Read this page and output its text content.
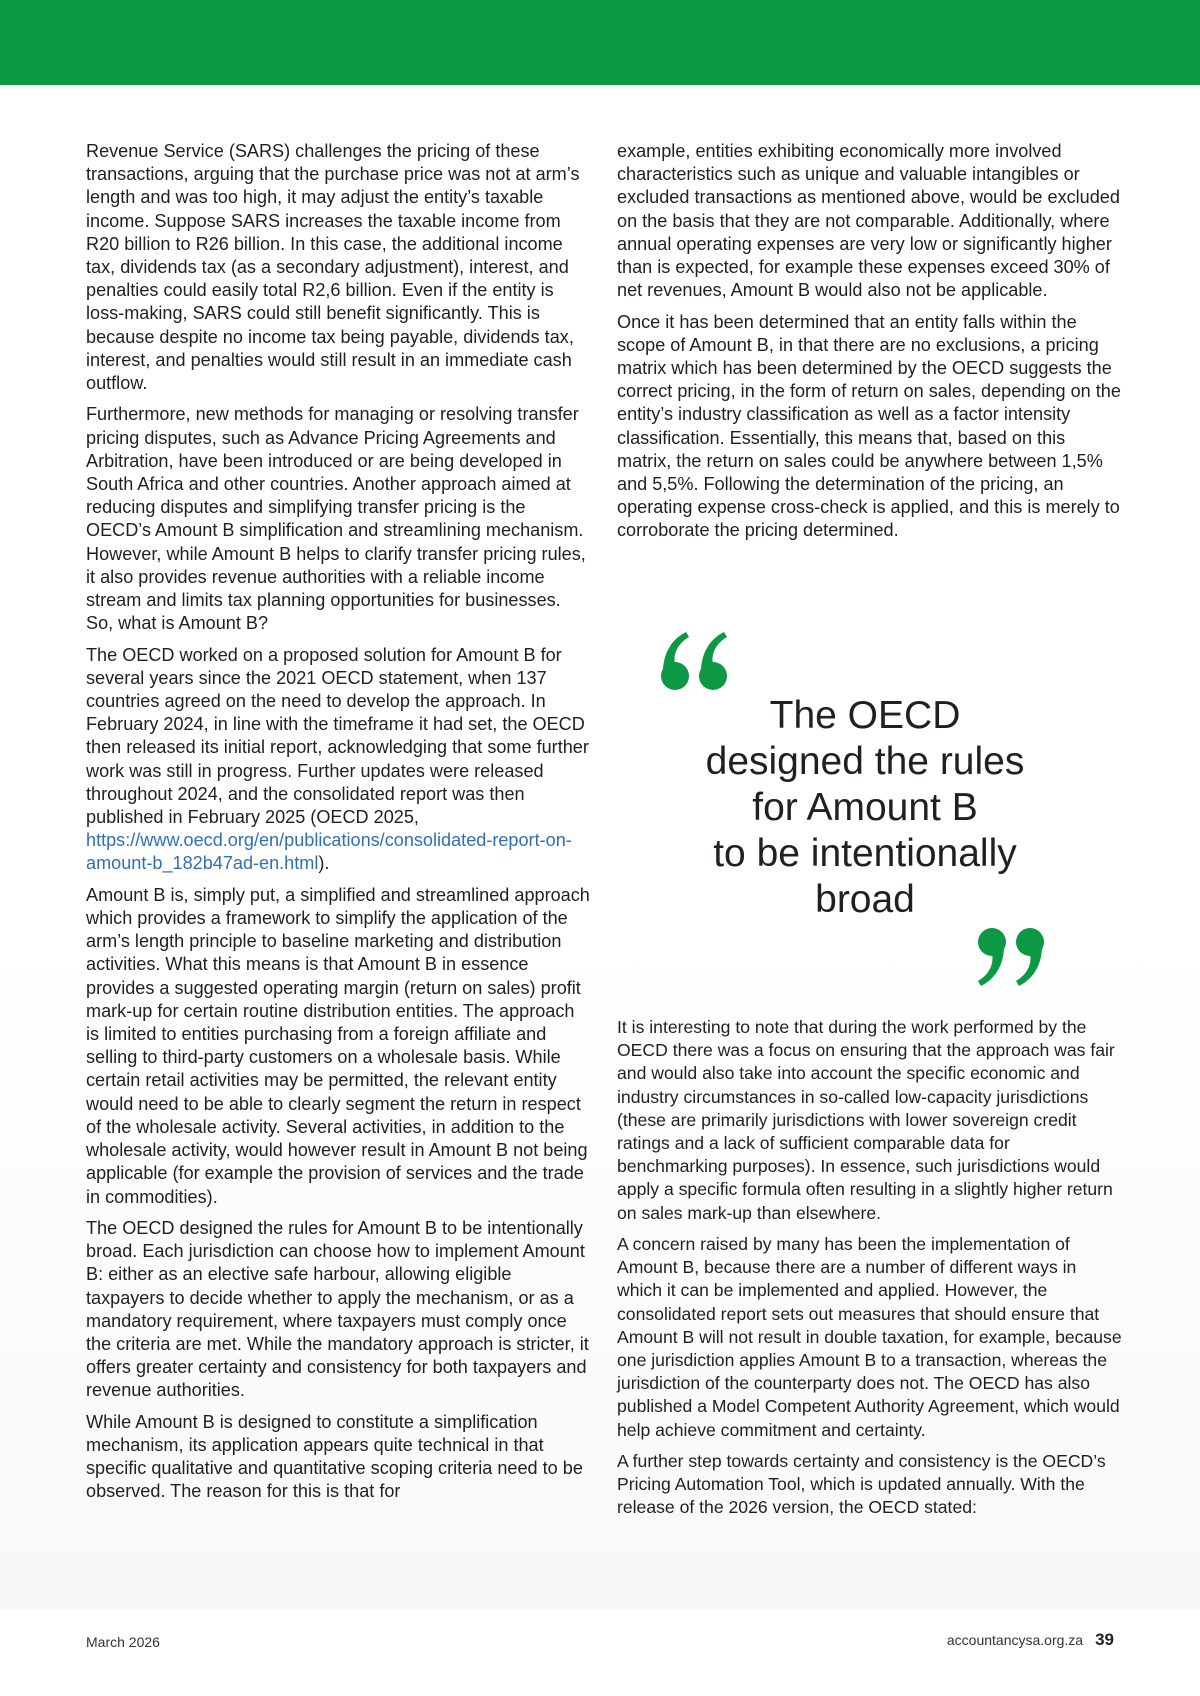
Revenue Service (SARS) challenges the pricing of these transactions, arguing that the purchase price was not at arm’s length and was too high, it may adjust the entity’s taxable income. Suppose SARS increases the taxable income from R20 billion to R26 billion. In this case, the additional income tax, dividends tax (as a secondary adjustment), interest, and penalties could easily total R2,6 billion. Even if the entity is loss-making, SARS could still benefit significantly. This is because despite no income tax being payable, dividends tax, interest, and penalties would still result in an immediate cash outflow.

Furthermore, new methods for managing or resolving transfer pricing disputes, such as Advance Pricing Agreements and Arbitration, have been introduced or are being developed in South Africa and other countries. Another approach aimed at reducing disputes and simplifying transfer pricing is the OECD’s Amount B simplification and streamlining mechanism. However, while Amount B helps to clarify transfer pricing rules, it also provides revenue authorities with a reliable income stream and limits tax planning opportunities for businesses. So, what is Amount B?

The OECD worked on a proposed solution for Amount B for several years since the 2021 OECD statement, when 137 countries agreed on the need to develop the approach. In February 2024, in line with the timeframe it had set, the OECD then released its initial report, acknowledging that some further work was still in progress. Further updates were released throughout 2024, and the consolidated report was then published in February 2025 (OECD 2025, https://www.oecd.org/en/publications/consolidated-report-on-amount-b_182b47ad-en.html).

Amount B is, simply put, a simplified and streamlined approach which provides a framework to simplify the application of the arm’s length principle to baseline marketing and distribution activities. What this means is that Amount B in essence provides a suggested operating margin (return on sales) profit mark-up for certain routine distribution entities. The approach is limited to entities purchasing from a foreign affiliate and selling to third-party customers on a wholesale basis. While certain retail activities may be permitted, the relevant entity would need to be able to clearly segment the return in respect of the wholesale activity. Several activities, in addition to the wholesale activity, would however result in Amount B not being applicable (for example the provision of services and the trade in commodities).

The OECD designed the rules for Amount B to be intentionally broad. Each jurisdiction can choose how to implement Amount B: either as an elective safe harbour, allowing eligible taxpayers to decide whether to apply the mechanism, or as a mandatory requirement, where taxpayers must comply once the criteria are met. While the mandatory approach is stricter, it offers greater certainty and consistency for both taxpayers and revenue authorities.

While Amount B is designed to constitute a simplification mechanism, its application appears quite technical in that specific qualitative and quantitative scoping criteria need to be observed. The reason for this is that for

example, entities exhibiting economically more involved characteristics such as unique and valuable intangibles or excluded transactions as mentioned above, would be excluded on the basis that they are not comparable. Additionally, where annual operating expenses are very low or significantly higher than is expected, for example these expenses exceed 30% of net revenues, Amount B would also not be applicable.

Once it has been determined that an entity falls within the scope of Amount B, in that there are no exclusions, a pricing matrix which has been determined by the OECD suggests the correct pricing, in the form of return on sales, depending on the entity’s industry classification as well as a factor intensity classification. Essentially, this means that, based on this matrix, the return on sales could be anywhere between 1,5% and 5,5%. Following the determination of the pricing, an operating expense cross-check is applied, and this is merely to corroborate the pricing determined.

The OECD
designed the rules
for Amount B
to be intentionally
broad

It is interesting to note that during the work performed by the OECD there was a focus on ensuring that the approach was fair and would also take into account the specific economic and industry circumstances in so-called low-capacity jurisdictions (these are primarily jurisdictions with lower sovereign credit ratings and a lack of sufficient comparable data for benchmarking purposes). In essence, such jurisdictions would apply a specific formula often resulting in a slightly higher return on sales mark-up than elsewhere.

A concern raised by many has been the implementation of Amount B, because there are a number of different ways in which it can be implemented and applied. However, the consolidated report sets out measures that should ensure that Amount B will not result in double taxation, for example, because one jurisdiction applies Amount B to a transaction, whereas the jurisdiction of the counterparty does not. The OECD has also published a Model Competent Authority Agreement, which would help achieve commitment and certainty.

A further step towards certainty and consistency is the OECD’s Pricing Automation Tool, which is updated annually. With the release of the 2026 version, the OECD stated:

March 2026	accountancysa.org.za 39
